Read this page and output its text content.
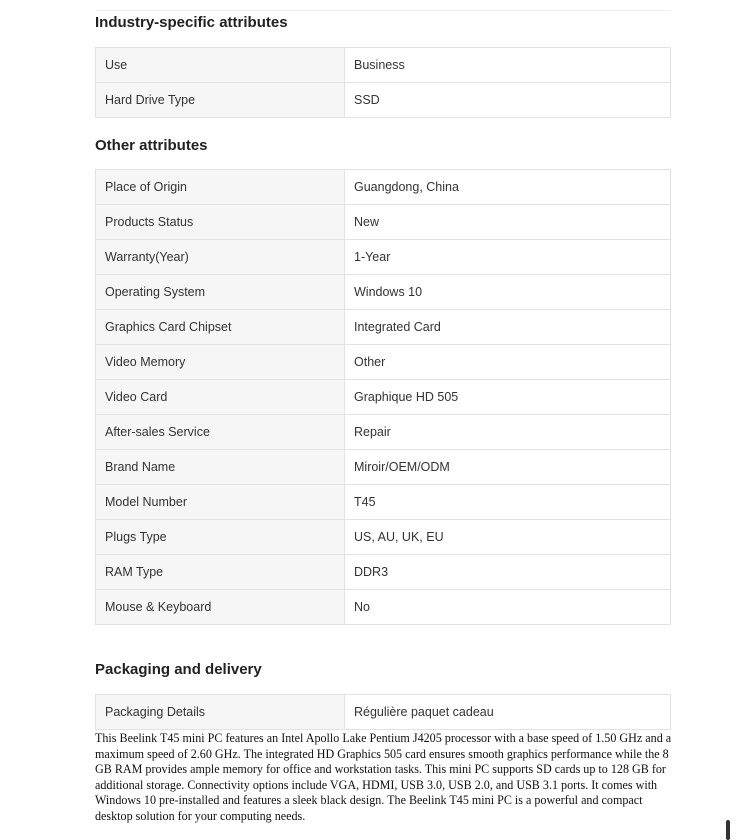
Industry-specific attributes
Use	Business
Hard Drive Type	SSD
Other attributes
Place of Origin	Guangdong, China
Products Status	New
Warranty(Year)	1-Year
Operating System	Windows 10
Graphics Card Chipset	Integrated Card
Video Memory	Other
Video Card	Graphique HD 505
After-sales Service	Repair
Brand Name	Miroir/OEM/ODM
Model Number	T45
Plugs Type	US, AU, UK, EU
RAM Type	DDR3
Mouse & Keyboard	No
Packaging and delivery
Packaging Details	Régulière paquet cadeau

This Beelink T45 mini PC features an Intel Apollo Lake Pentium J4205 processor with a base speed of 1.50 GHz and a maximum speed of 2.60 GHz. The integrated HD Graphics 505 card ensures smooth graphics performance while the 8 GB RAM provides ample memory for office and workstation tasks. This mini PC supports SD cards up to 128 GB for additional storage. Connectivity options include VGA, HDMI, USB 3.0, USB 2.0, and USB 3.1 ports. It comes with Windows 10 pre-installed and features a sleek black design. The Beelink T45 mini PC is a powerful and compact desktop solution for your computing needs.
